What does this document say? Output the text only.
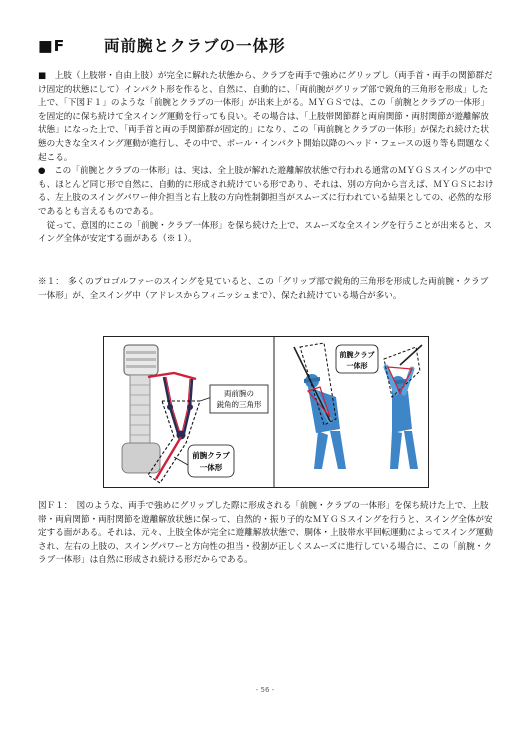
■F	両前腕とクラブの一体形

■　上肢（上肢帯・自由上肢）が完全に解れた状態から、クラブを両手で強めにグリップし（両手首・両手の関節群だけ固定的状態にして）インパクト形を作ると、自然に、自動的に、「両前腕がグリップ部で鋭角的三角形を形成」した上で、「下図Ｆ１」のような「前腕とクラブの一体形」が出来上がる。ＭＹＧＳでは、この「前腕とクラブの一体形」を固定的に保ち続けて全スイング運動を行っても良い。その場合は、「上肢帯関節群と両肩関節・両肘関節が遊離解放状態」になった上で、「両手首と両の手関節群が固定的」になり、この「両前腕とクラブの一体形」が保たれ続けた状態の大きな全スイング運動が進行し、その中で、ボール・インパクト開始以降のヘッド・フェースの返り等も問題なく起こる。

●　この「前腕とクラブの一体形」は、実は、全上肢が解れた遊離解放状態で行われる通常のＭＹＧＳスイングの中でも、ほとんど同じ形で自然に、自動的に形成され続けている形であり、それは、別の方向から言えば、ＭＹＧＳにおける、左上肢のスイングパワー伸介担当と右上肢の方向性制御担当がスムーズに行われている結果としての、必然的な形であるとも言えるものである。

　従って、意図的にこの「前腕・クラブ一体形」を保ち続けた上で、スムーズな全スイングを行うことが出来ると、スイング全体が安定する面がある（※１）。

※１：　多くのプロゴルファーのスイングを見ていると、この「グリップ部で鋭角的三角形を形成した両前腕・クラブ一体形」が、全スイング中（アドレスからフィニッシュまで）、保たれ続けている場合が多い。
両前腕の
鋭角的三角形
前腕クラブ
一体形
前腕クラブ
一体形
図Ｆ１：　図のような、両手で強めにグリップした際に形成される「前腕・クラブの一体形」を保ち続けた上で、上肢帯・両肩関節・両肘関節を遊離解放状態に保って、自然的・振り子的なＭＹＧＳスイングを行うと、スイング全体が安定する面がある。それは、元々、上肢全体が完全に遊離解放状態で、胴体・上肢帯水平回転運動によってスイング運動され、左右の上肢の、スイングパワーと方向性の担当・役割が正しくスムーズに進行している場合に、この「前腕・クラブ一体形」は自然に形成され続ける形だからである。
- 56 -
